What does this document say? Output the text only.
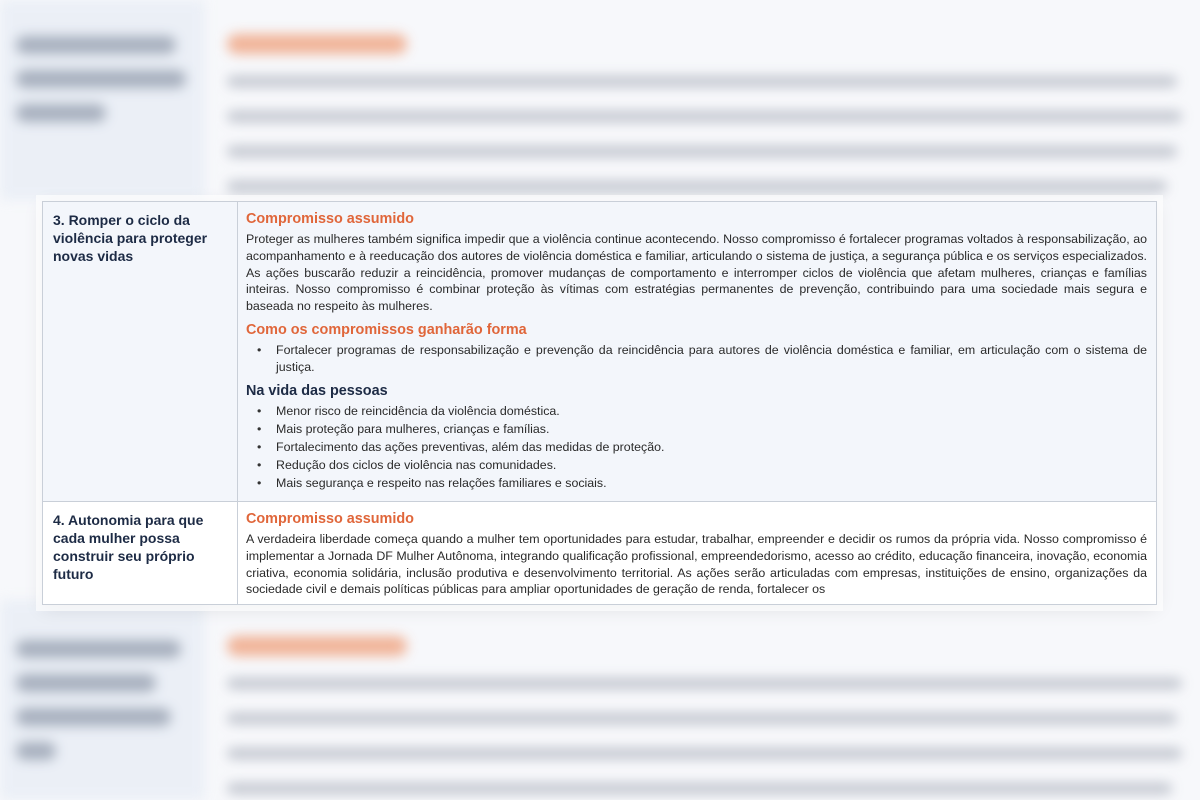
3. Romper o ciclo da violência para proteger novas vidas
Compromisso assumido

Proteger as mulheres também significa impedir que a violência continue acontecendo. Nosso compromisso é fortalecer programas voltados à responsabilização, ao acompanhamento e à reeducação dos autores de violência doméstica e familiar, articulando o sistema de justiça, a segurança pública e os serviços especializados. As ações buscarão reduzir a reincidência, promover mudanças de comportamento e interromper ciclos de violência que afetam mulheres, crianças e famílias inteiras. Nosso compromisso é combinar proteção às vítimas com estratégias permanentes de prevenção, contribuindo para uma sociedade mais segura e baseada no respeito às mulheres.

Como os compromissos ganharão forma
• Fortalecer programas de responsabilização e prevenção da reincidência para autores de violência doméstica e familiar, em articulação com o sistema de justiça.
Na vida das pessoas
• Menor risco de reincidência da violência doméstica.
• Mais proteção para mulheres, crianças e famílias.
• Fortalecimento das ações preventivas, além das medidas de proteção.
• Redução dos ciclos de violência nas comunidades.
• Mais segurança e respeito nas relações familiares e sociais.
4. Autonomia para que cada mulher possa construir seu próprio futuro
Compromisso assumido

A verdadeira liberdade começa quando a mulher tem oportunidades para estudar, trabalhar, empreender e decidir os rumos da própria vida. Nosso compromisso é implementar a Jornada DF Mulher Autônoma, integrando qualificação profissional, empreendedorismo, acesso ao crédito, educação financeira, inovação, economia criativa, economia solidária, inclusão produtiva e desenvolvimento territorial. As ações serão articuladas com empresas, instituições de ensino, organizações da sociedade civil e demais políticas públicas para ampliar oportunidades de geração de renda, fortalecer os
